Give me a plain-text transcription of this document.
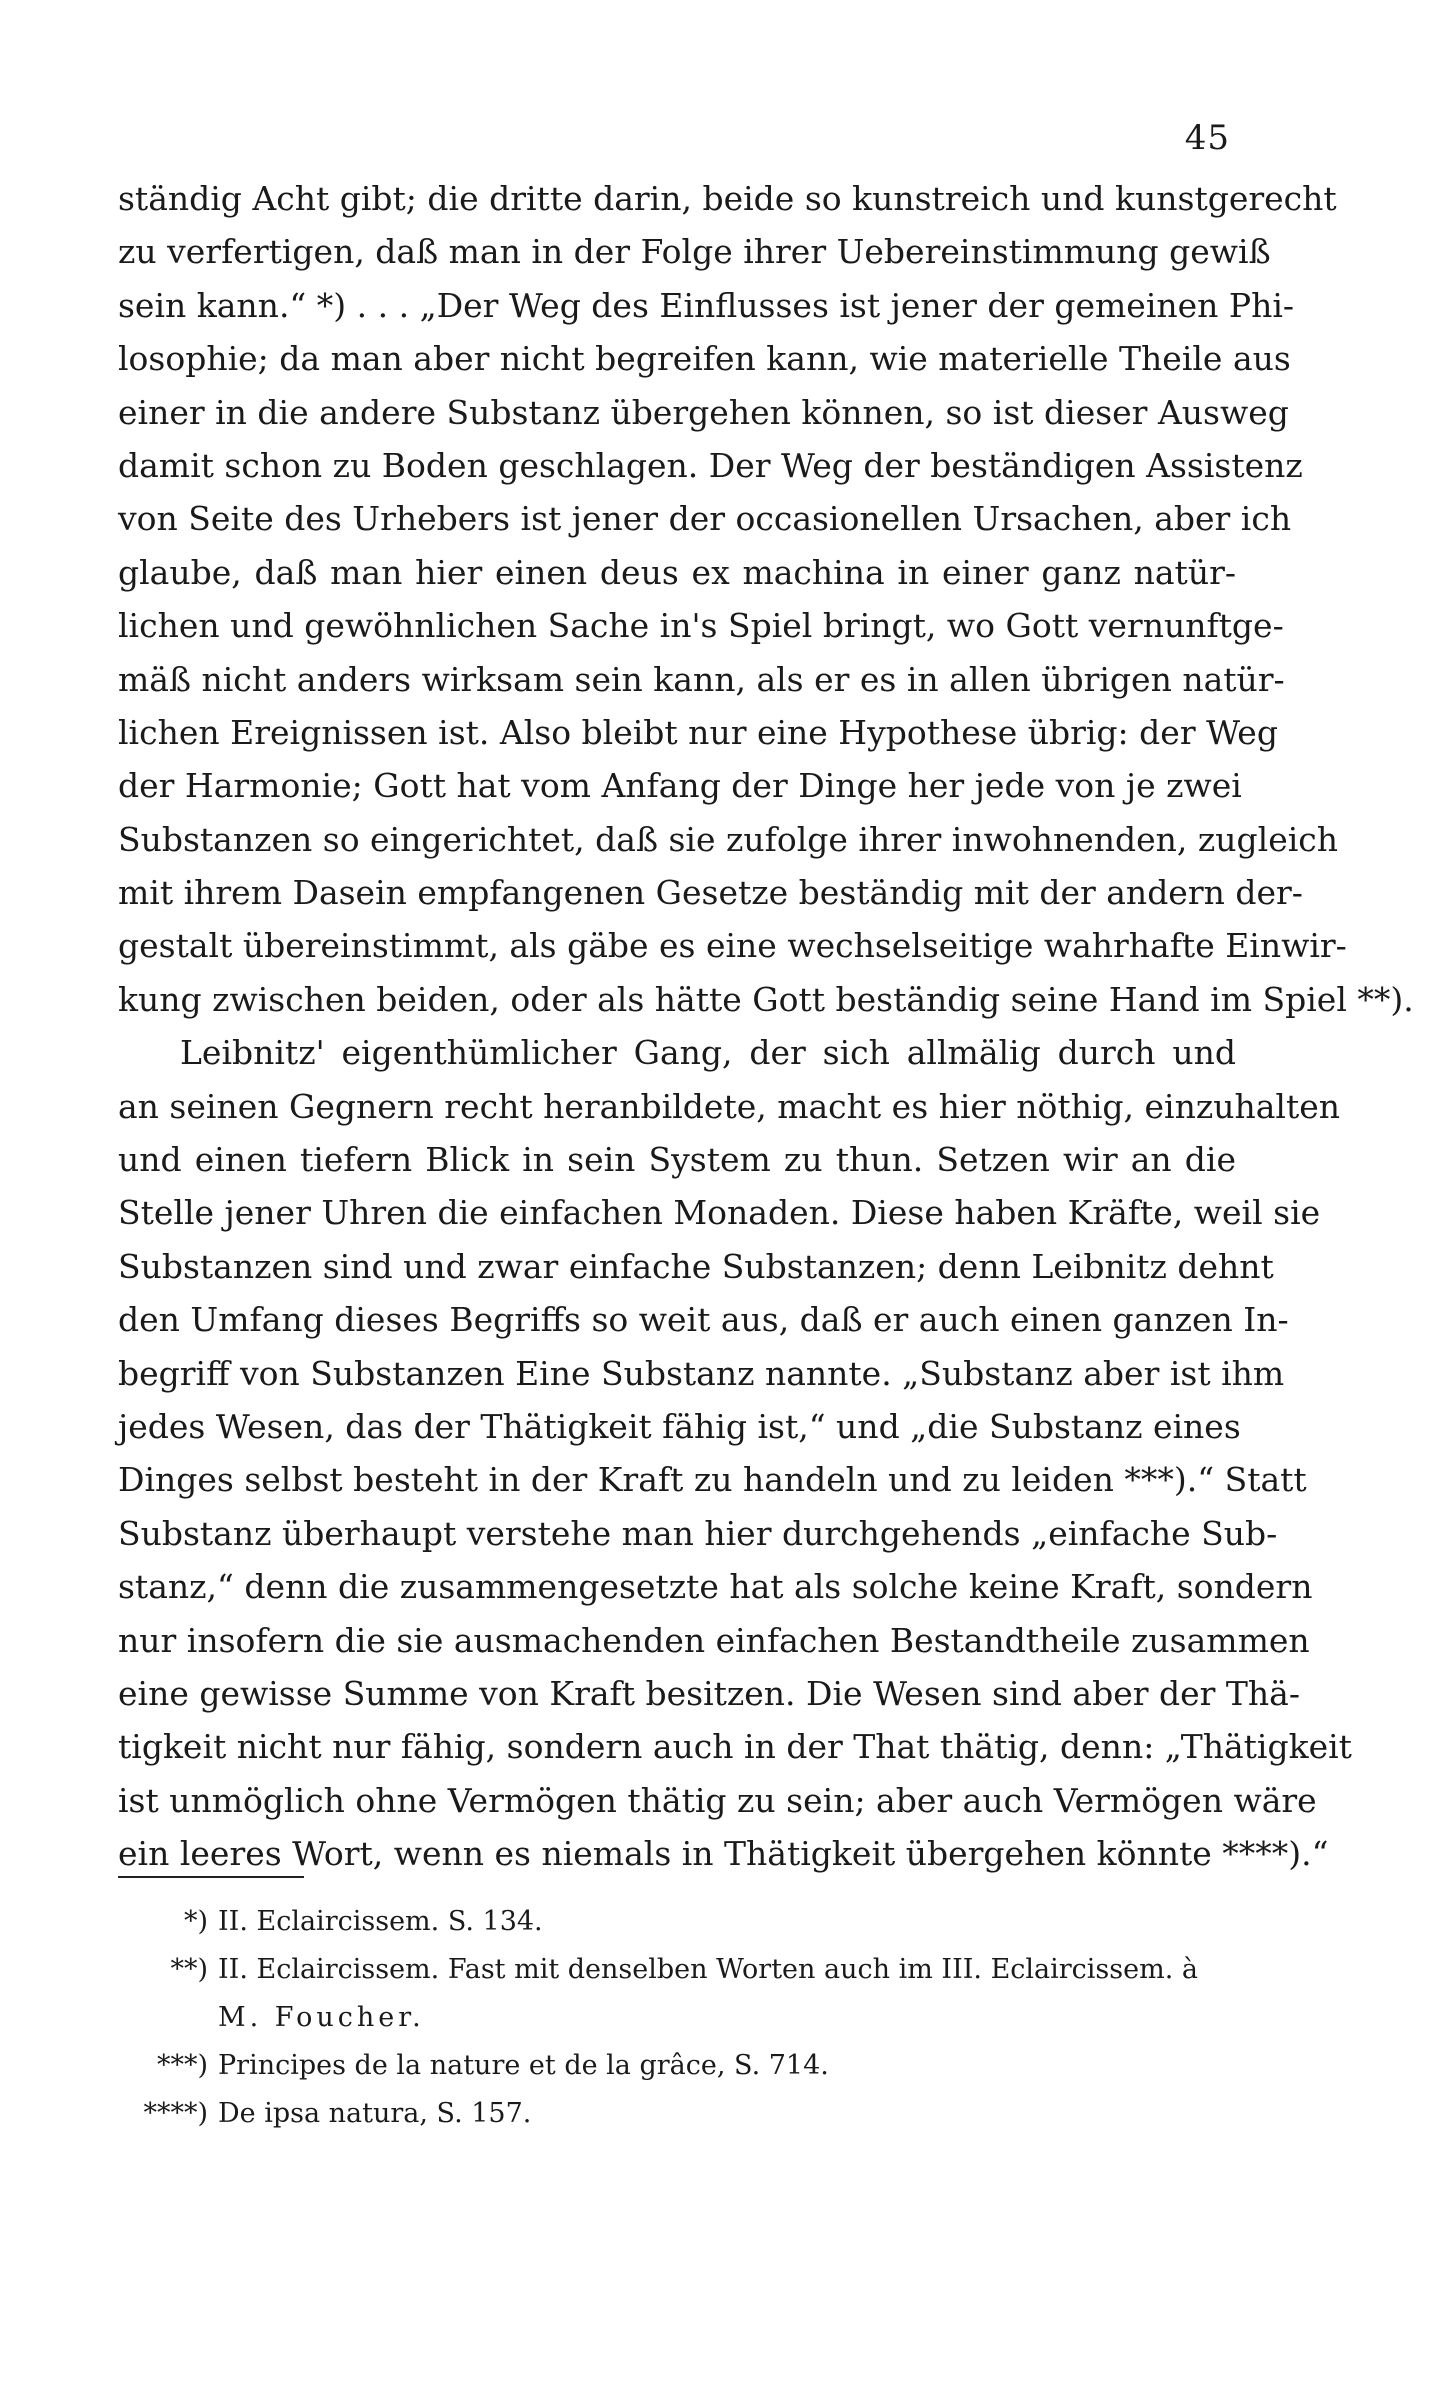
45
ständig Acht gibt; die dritte darin, beide so kunstreich und kunstgerecht
zu verfertigen, daß man in der Folge ihrer Uebereinstimmung gewiß
sein kann.“ *) . . . „Der Weg des Einflusses ist jener der gemeinen Phi-
losophie; da man aber nicht begreifen kann, wie materielle Theile aus
einer in die andere Substanz übergehen können, so ist dieser Ausweg
damit schon zu Boden geschlagen. Der Weg der beständigen Assistenz
von Seite des Urhebers ist jener der occasionellen Ursachen, aber ich
glaube, daß man hier einen deus ex machina in einer ganz natür-
lichen und gewöhnlichen Sache in's Spiel bringt, wo Gott vernunftge-
mäß nicht anders wirksam sein kann, als er es in allen übrigen natür-
lichen Ereignissen ist. Also bleibt nur eine Hypothese übrig: der Weg
der Harmonie; Gott hat vom Anfang der Dinge her jede von je zwei
Substanzen so eingerichtet, daß sie zufolge ihrer inwohnenden, zugleich
mit ihrem Dasein empfangenen Gesetze beständig mit der andern der-
gestalt übereinstimmt, als gäbe es eine wechselseitige wahrhafte Einwir-
kung zwischen beiden, oder als hätte Gott beständig seine Hand im Spiel **).
Leibnitz' eigenthümlicher Gang, der sich allmälig durch und
an seinen Gegnern recht heranbildete, macht es hier nöthig, einzuhalten
und einen tiefern Blick in sein System zu thun. Setzen wir an die
Stelle jener Uhren die einfachen Monaden. Diese haben Kräfte, weil sie
Substanzen sind und zwar einfache Substanzen; denn Leibnitz dehnt
den Umfang dieses Begriffs so weit aus, daß er auch einen ganzen In-
begriff von Substanzen Eine Substanz nannte. „Substanz aber ist ihm
jedes Wesen, das der Thätigkeit fähig ist,“ und „die Substanz eines
Dinges selbst besteht in der Kraft zu handeln und zu leiden ***).“ Statt
Substanz überhaupt verstehe man hier durchgehends „einfache Sub-
stanz,“ denn die zusammengesetzte hat als solche keine Kraft, sondern
nur insofern die sie ausmachenden einfachen Bestandtheile zusammen
eine gewisse Summe von Kraft besitzen. Die Wesen sind aber der Thä-
tigkeit nicht nur fähig, sondern auch in der That thätig, denn: „Thätigkeit
ist unmöglich ohne Vermögen thätig zu sein; aber auch Vermögen wäre
ein leeres Wort, wenn es niemals in Thätigkeit übergehen könnte ****).“
*) II. Eclaircissem. S. 134.
**) II. Eclaircissem. Fast mit denselben Worten auch im III. Eclaircissem. à
M. Foucher.
***) Principes de la nature et de la grâce, S. 714.
****) De ipsa natura, S. 157.
